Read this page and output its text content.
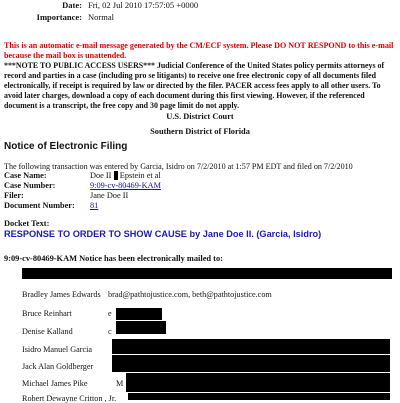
Date: Fri, 02 Jul 2010 17:57:05 +0000
Importance: Normal
This is an automatic e-mail message generated by the CM/ECF system. Please DO NOT RESPOND to this e-mail because the mail box is unattended.
***NOTE TO PUBLIC ACCESS USERS*** Judicial Conference of the United States policy permits attorneys of record and parties in a case (including pro se litigants) to receive one free electronic copy of all documents filed electronically, if receipt is required by law or directed by the filer. PACER access fees apply to all other users. To avoid later charges, download a copy of each document during this first viewing. However, if the referenced document is a transcript, the free copy and 30 page limit do not apply.
U.S. District Court
Southern District of Florida
Notice of Electronic Filing
The following transaction was entered by Garcia, Isidro on 7/2/2010 at 1:57 PM EDT and filed on 7/2/2010
Case Name:	Doe II Epstein et al
Case Number:	9:09-cv-80469-KAM
Filer:	Jane Doe II
Document Number: 81
Docket Text:
RESPONSE TO ORDER TO SHOW CAUSE by Jane Doe II. (Garcia, Isidro)
9:09-cv-80469-KAM Notice has been electronically mailed to:
Bradley James Edwards brad@pathtojustice.com, beth@pathtojustice.com
Bruce Reinhart	e
Denise Kalland	c
Isidro Manuel Garcia
Jack Alan Goldberger
Michael James Pike	M
Robert Dewayne Critton , Jr.
